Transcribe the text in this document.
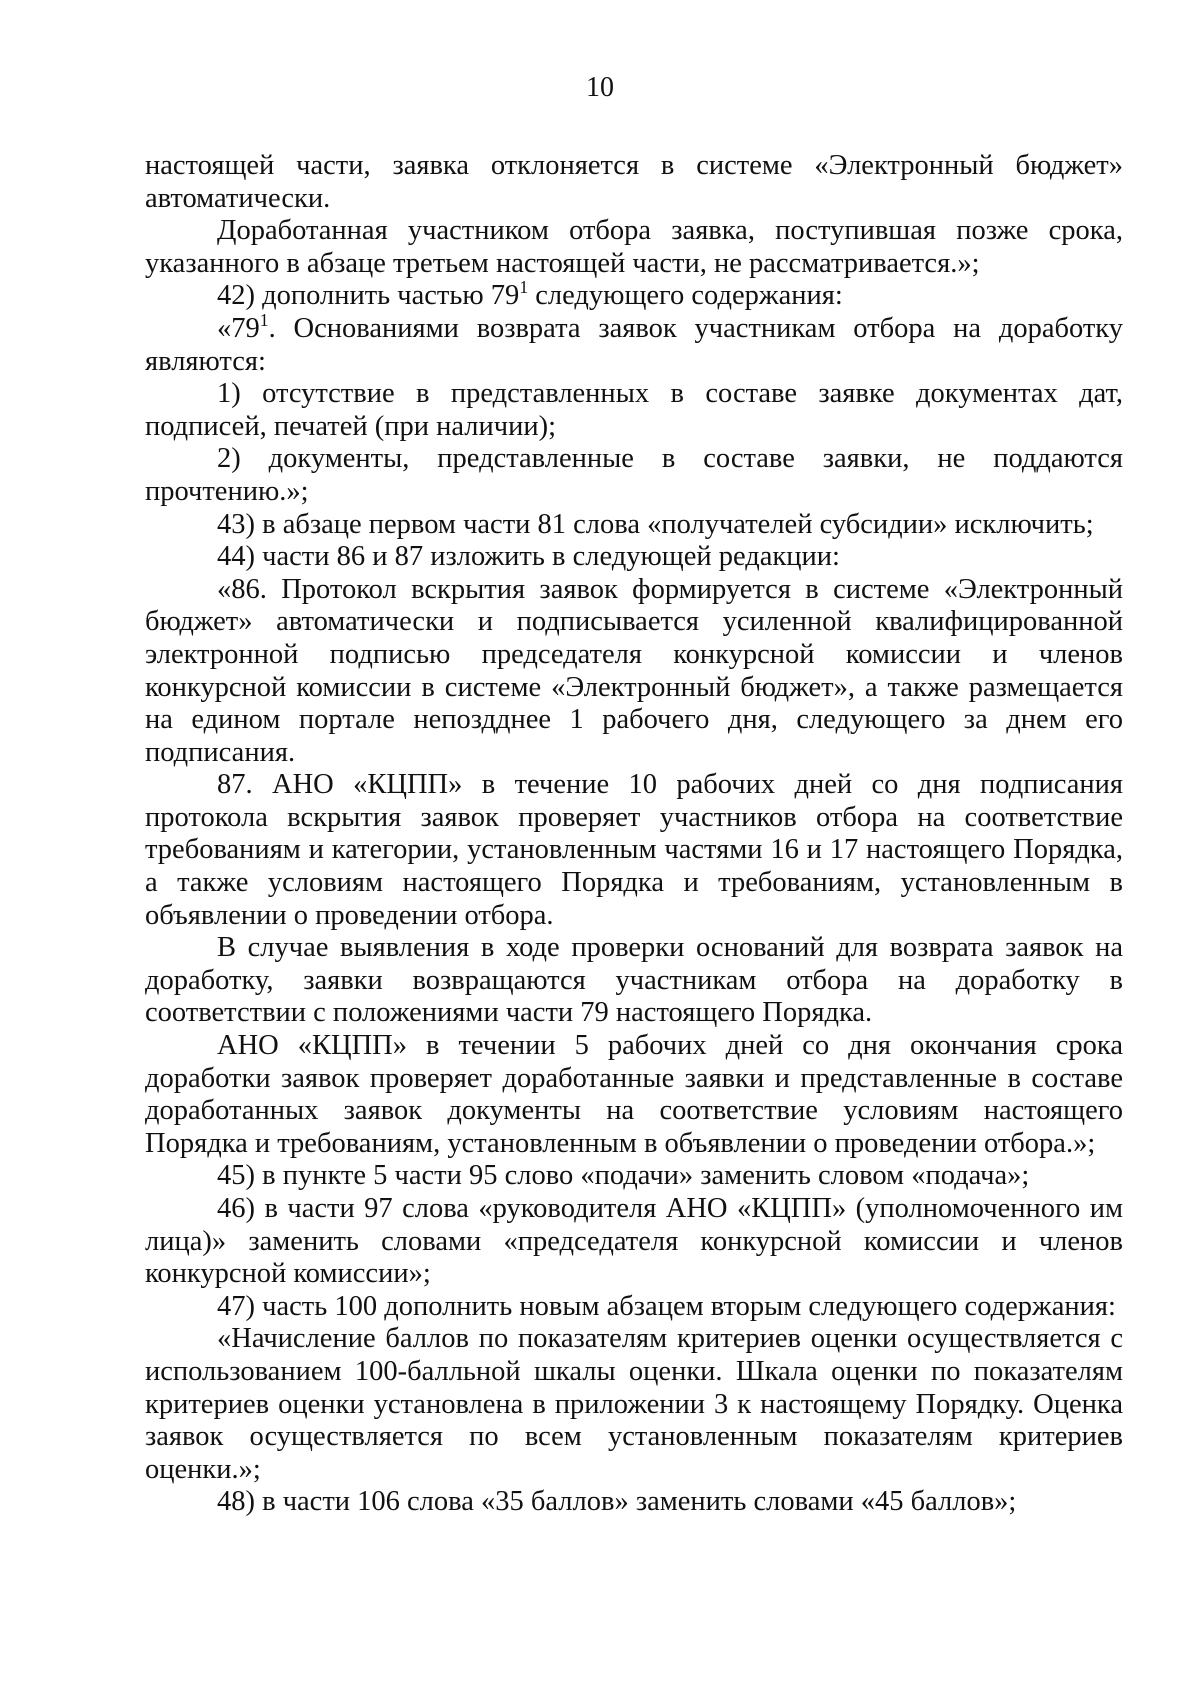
10

настоящей части, заявка отклоняется в системе «Электронный бюджет» автоматически.

Доработанная участником отбора заявка, поступившая позже срока, указанного в абзаце третьем настоящей части, не рассматривается.»;

42) дополнить частью $79^1$ следующего содержания:

«$79^1$. Основаниями возврата заявок участникам отбора на доработку являются:

1) отсутствие в представленных в составе заявке документах дат, подписей, печатей (при наличии);

2) документы, представленные в составе заявки, не поддаются прочтению.»;

43) в абзаце первом части 81 слова «получателей субсидии» исключить;

44) части 86 и 87 изложить в следующей редакции:

«86. Протокол вскрытия заявок формируется в системе «Электронный бюджет» автоматически и подписывается усиленной квалифицированной электронной подписью председателя конкурсной комиссии и членов конкурсной комиссии в системе «Электронный бюджет», а также размещается на едином портале непоздднее 1 рабочего дня, следующего за днем его подписания.

87. АНО «КЦПП» в течение 10 рабочих дней со дня подписания протокола вскрытия заявок проверяет участников отбора на соответствие требованиям и категории, установленным частями 16 и 17 настоящего Порядка, а также условиям настоящего Порядка и требованиям, установленным в объявлении о проведении отбора.

В случае выявления в ходе проверки оснований для возврата заявок на доработку, заявки возвращаются участникам отбора на доработку в соответствии с положениями части 79 настоящего Порядка.

АНО «КЦПП» в течении 5 рабочих дней со дня окончания срока доработки заявок проверяет доработанные заявки и представленные в составе доработанных заявок документы на соответствие условиям настоящего Порядка и требованиям, установленным в объявлении о проведении отбора.»;

45) в пункте 5 части 95 слово «подачи» заменить словом «подача»;

46) в части 97 слова «руководителя АНО «КЦПП» (уполномоченного им лица)» заменить словами «председателя конкурсной комиссии и членов конкурсной комиссии»;

47) часть 100 дополнить новым абзацем вторым следующего содержания:

«Начисление баллов по показателям критериев оценки осуществляется с использованием 100-балльной шкалы оценки. Шкала оценки по показателям критериев оценки установлена в приложении 3 к настоящему Порядку. Оценка заявок осуществляется по всем установленным показателям критериев оценки.»;

48) в части 106 слова «35 баллов» заменить словами «45 баллов»;
